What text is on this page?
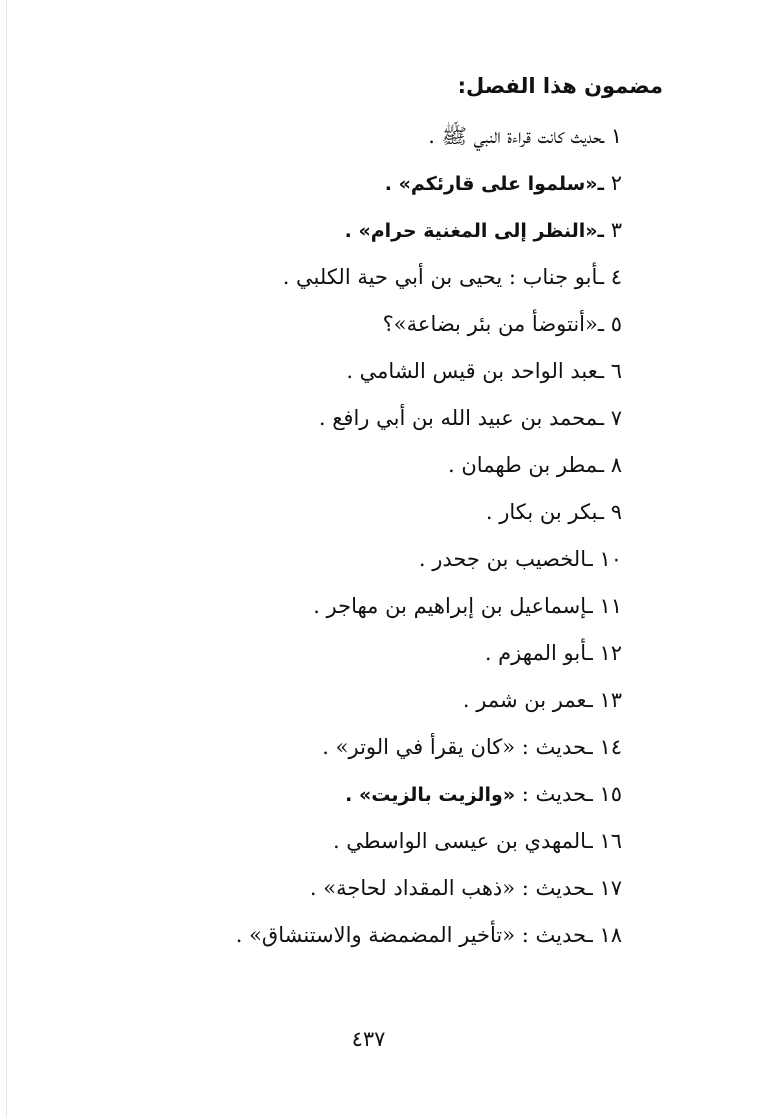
مضمون هذا الفصل:
١ ـحديث كانت قراءة النبي ﷺ .
٢ ـ«سلموا على قارئكم» .
٣ ـ«النظر إلى المغنية حرام» .
٤ ـأبو جناب : يحيى بن أبي حية الكلبي .
٥ ـ«أنتوضأ من بئر بضاعة»؟
٦ ـعبد الواحد بن قيس الشامي .
٧ ـمحمد بن عبيد الله بن أبي رافع .
٨ ـمطر بن طهمان .
٩ ـبكر بن بكار .
١٠ ـالخصيب بن جحدر .
١١ ـإسماعيل بن إبراهيم بن مهاجر .
١٢ ـأبو المهزم .
١٣ ـعمر بن شمر .
١٤ ـحديث : «كان يقرأ في الوتر» .
١٥ ـحديث : «والزيت بالزيت» .
١٦ ـالمهدي بن عيسى الواسطي .
١٧ ـحديث : «ذهب المقداد لحاجة» .
١٨ ـحديث : «تأخير المضمضة والاستنشاق» .
٤٣٧
